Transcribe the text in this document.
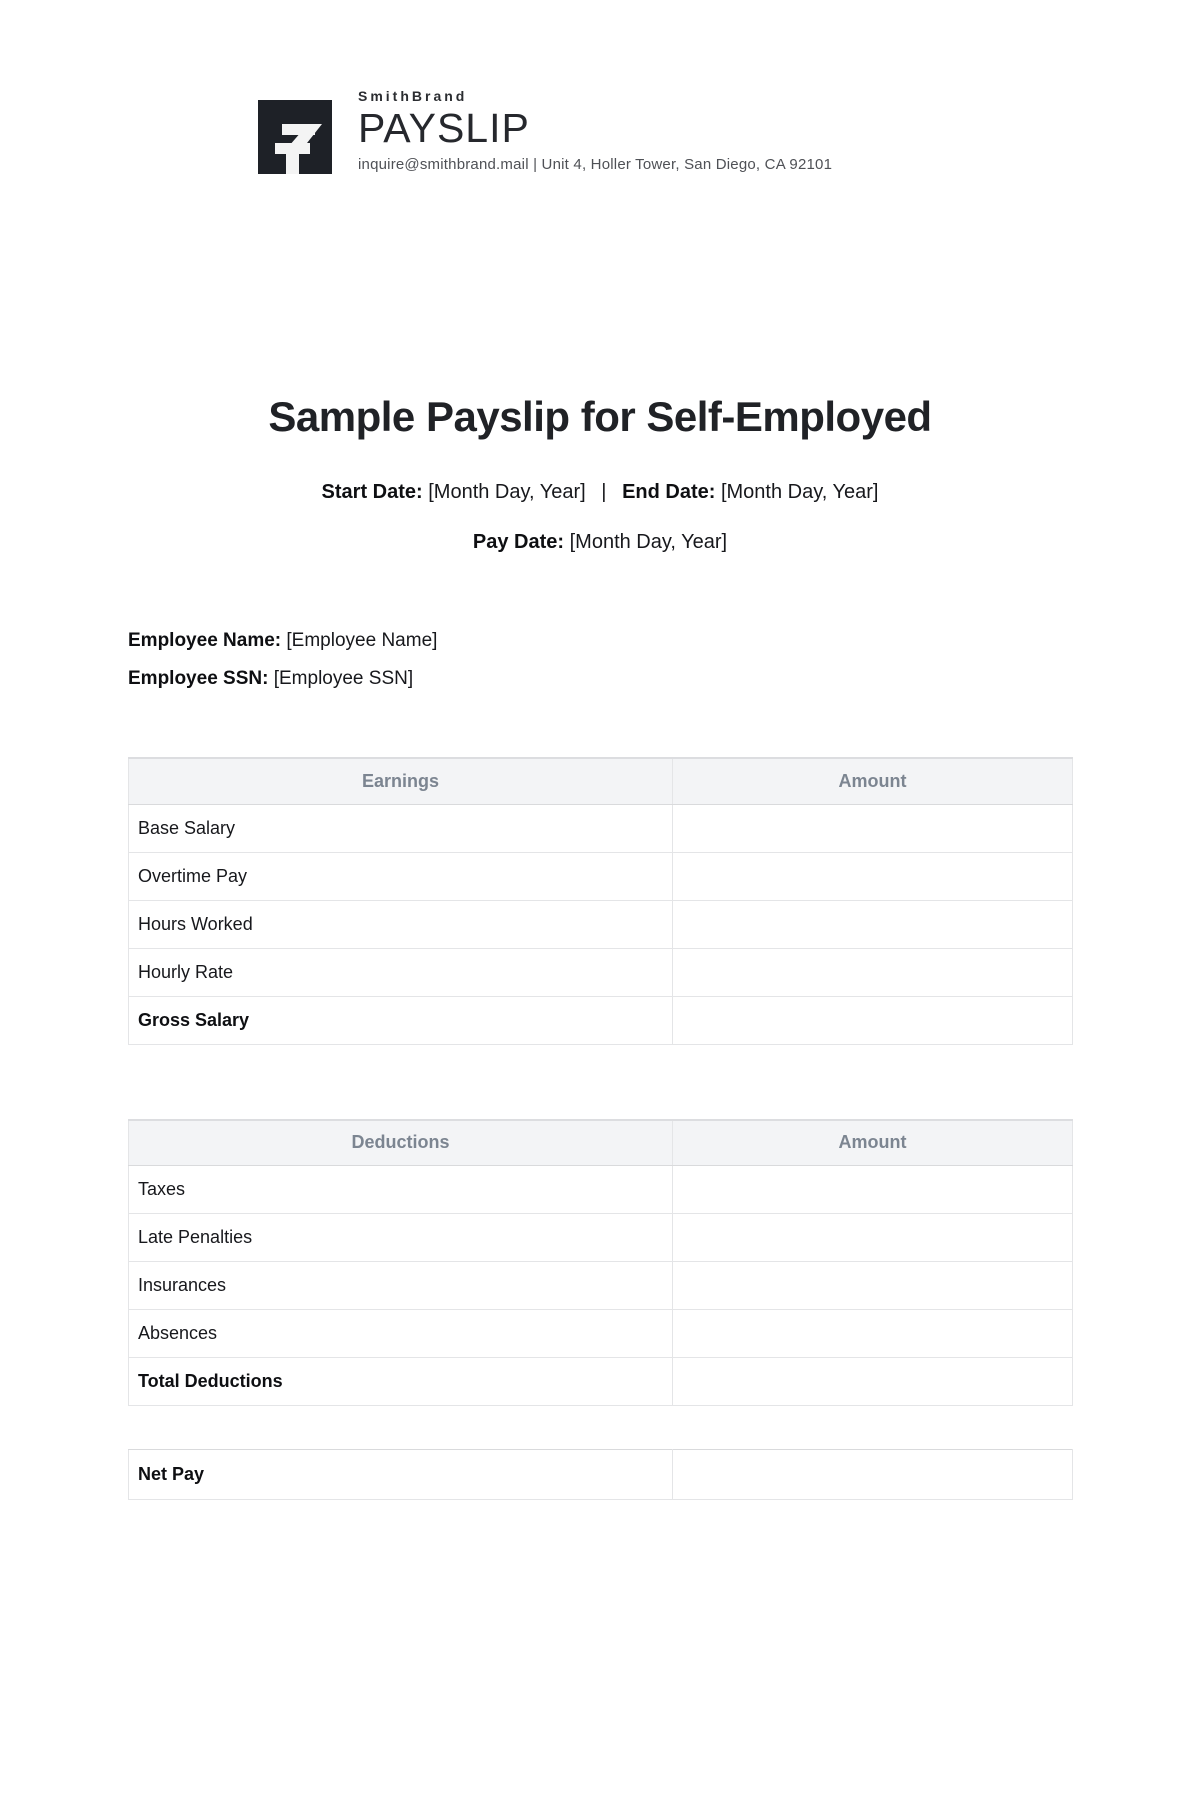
SmithBrand
PAYSLIP
inquire@smithbrand.mail | Unit 4, Holler Tower, San Diego, CA 92101
Sample Payslip for Self-Employed
Start Date: [Month Day, Year] | End Date: [Month Day, Year]
Pay Date: [Month Day, Year]
Employee Name: [Employee Name]
Employee SSN: [Employee SSN]
Earnings	Amount
Base Salary	
Overtime Pay	
Hours Worked	
Hourly Rate	
Gross Salary	
Deductions	Amount
Taxes	
Late Penalties	
Insurances	
Absences	
Total Deductions	
Net Pay	
